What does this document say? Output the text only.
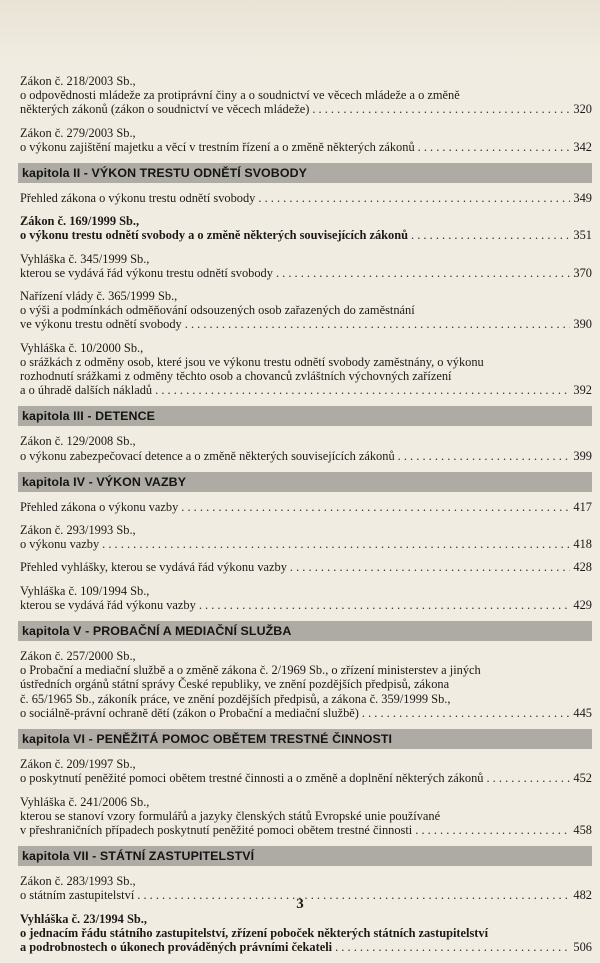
Zákon č. 218/2003 Sb.,
o odpovědnosti mládeže za protiprávní činy a o soudnictví ve věcech mládeže a o změně
některých zákonů (zákon o soudnictví ve věcech mládeže) . . .	320
Zákon č. 279/2003 Sb.,
o výkonu zajištění majetku a věcí v trestním řízení a o změně některých zákonů . . .	342
kapitola II - VÝKON TRESTU ODNĚTÍ SVOBODY
Přehled zákona o výkonu trestu odnětí svobody . . .	349
Zákon č. 169/1999 Sb.,
o výkonu trestu odnětí svobody a o změně některých souvisejících zákonů . . .	351
Vyhláška č. 345/1999 Sb.,
kterou se vydává řád výkonu trestu odnětí svobody . . .	370
Nařízení vlády č. 365/1999 Sb.,
o výši a podmínkách odměňování odsouzených osob zařazených do zaměstnání
ve výkonu trestu odnětí svobody . . .	390
Vyhláška č. 10/2000 Sb.,
o srážkách z odměny osob, které jsou ve výkonu trestu odnětí svobody zaměstnány, o výkonu
rozhodnutí srážkami z odměny těchto osob a chovanců zvláštních výchovných zařízení
a o úhradě dalších nákladů . . .	392
kapitola III - DETENCE
Zákon č. 129/2008 Sb.,
o výkonu zabezpečovací detence a o změně některých souvisejících zákonů . . .	399
kapitola IV - VÝKON VAZBY
Přehled zákona o výkonu vazby . . .	417
Zákon č. 293/1993 Sb.,
o výkonu vazby . . .	418
Přehled vyhlášky, kterou se vydává řád výkonu vazby . . .	428
Vyhláška č. 109/1994 Sb.,
kterou se vydává řád výkonu vazby . . .	429
kapitola V - PROBAČNÍ A MEDIAČNÍ SLUŽBA
Zákon č. 257/2000 Sb.,
o Probační a mediační službě a o změně zákona č. 2/1969 Sb., o zřízení ministerstev a jiných
ústředních orgánů státní správy České republiky, ve znění pozdějších předpisů, zákona
č. 65/1965 Sb., zákoník práce, ve znění pozdějších předpisů, a zákona č. 359/1999 Sb.,
o sociálně-právní ochraně dětí (zákon o Probační a mediační službě) . . .	445
kapitola VI - PENĚŽITÁ POMOC OBĚTEM TRESTNÉ ČINNOSTI
Zákon č. 209/1997 Sb.,
o poskytnutí peněžité pomoci obětem trestné činnosti a o změně a doplnění některých zákonů . . .	452
Vyhláška č. 241/2006 Sb.,
kterou se stanoví vzory formulářů a jazyky členských států Evropské unie používané
v přeshraničních případech poskytnutí peněžité pomoci obětem trestné činnosti . . .	458
kapitola VII - STÁTNÍ ZASTUPITELSTVÍ
Zákon č. 283/1993 Sb.,
o státním zastupitelství . . .	482
Vyhláška č. 23/1994 Sb.,
o jednacím řádu státního zastupitelství, zřízení poboček některých státních zastupitelství
a podrobnostech o úkonech prováděných právními čekateli . . .	506
3
